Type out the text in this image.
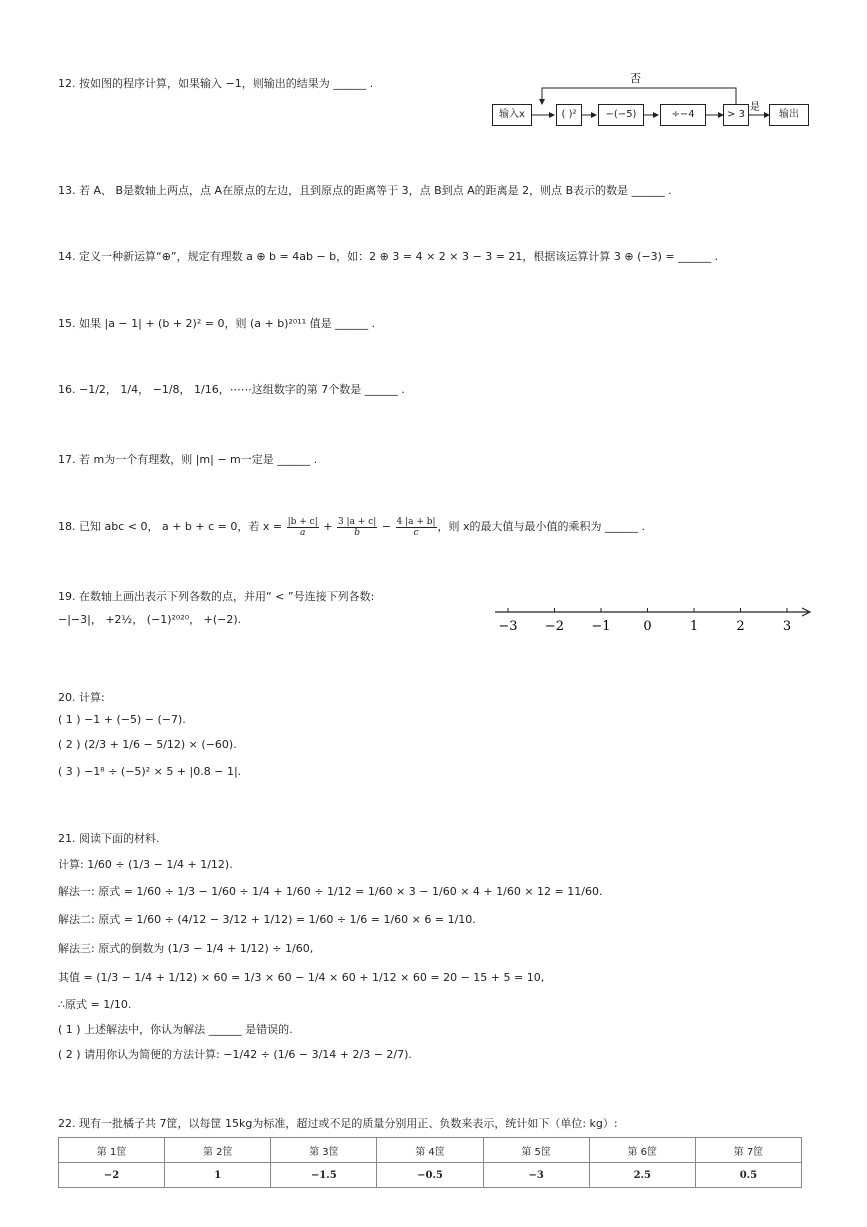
12. 按如图的程序计算，如果输入 −1，则输出的结果为 ______ .	否
是
输入x	( )²	−(−5)	÷−4	> 3	输出
13. 若 A、 B是数轴上两点，点 A在原点的左边，且到原点的距离等于 3，点 B到点 A的距离是 2，则点 B表示的数是 ______ .
14. 定义一种新运算“⊕”，规定有理数 a ⊕ b = 4ab − b，如：2 ⊕ 3 = 4 × 2 × 3 − 3 = 21，根据该运算计算 3 ⊕ (−3) = ______ .
15. 如果 |a − 1| + (b + 2)² = 0，则 (a + b)²⁰¹¹ 值是 ______ .
16. −1/2， 1/4， −1/8， 1/16，⋯⋯这组数字的第 7个数是 ______ .
17. 若 m为一个有理数，则 |m| − m一定是 ______ .
18. 已知 abc < 0， a + b + c = 0，若 $x = \frac{|b + c|}{a} + \frac{3 |a + c|}{b} - \frac{4 |a + b|}{c}$ ，则 x的最大值与最小值的乘积为 ______ .
19. 在数轴上画出表示下列各数的点，并用“ < ”号连接下列各数:
−|−3|， +2½， (−1)²⁰²⁰， +(−2).	−3 −2 −1	0	1	2	3
20. 计算:
( 1 ) −1 + (−5) − (−7).
( 2 ) (2/3 + 1/6 − 5/12) × (−60).
( 3 ) −1⁸ ÷ (−5)² × 5 + |0.8 − 1|.
21. 阅读下面的材料.
计算: 1/60 ÷ (1/3 − 1/4 + 1/12).
解法一: 原式 = 1/60 ÷ 1/3 − 1/60 ÷ 1/4 + 1/60 ÷ 1/12 = 1/60 × 3 − 1/60 × 4 + 1/60 × 12 = 11/60.
解法二: 原式 = 1/60 ÷ (4/12 − 3/12 + 1/12) = 1/60 ÷ 1/6 = 1/60 × 6 = 1/10.
解法三: 原式的倒数为 (1/3 − 1/4 + 1/12) ÷ 1/60,
其值 = (1/3 − 1/4 + 1/12) × 60 = 1/3 × 60 − 1/4 × 60 + 1/12 × 60 = 20 − 15 + 5 = 10,
∴原式 = 1/10.
( 1 ) 上述解法中，你认为解法 ______ 是错误的.
( 2 ) 请用你认为简便的方法计算: −1/42 ÷ (1/6 − 3/14 + 2/3 − 2/7).
22. 现有一批橘子共 7筐，以每筐 15kg为标准，超过或不足的质量分别用正、负数来表示，统计如下（单位: kg）:
第 1筐	第 2筐	第 3筐	第 4筐	第 5筐	第 6筐	第 7筐
−2	1	−1.5	−0.5	−3	2.5	0.5
